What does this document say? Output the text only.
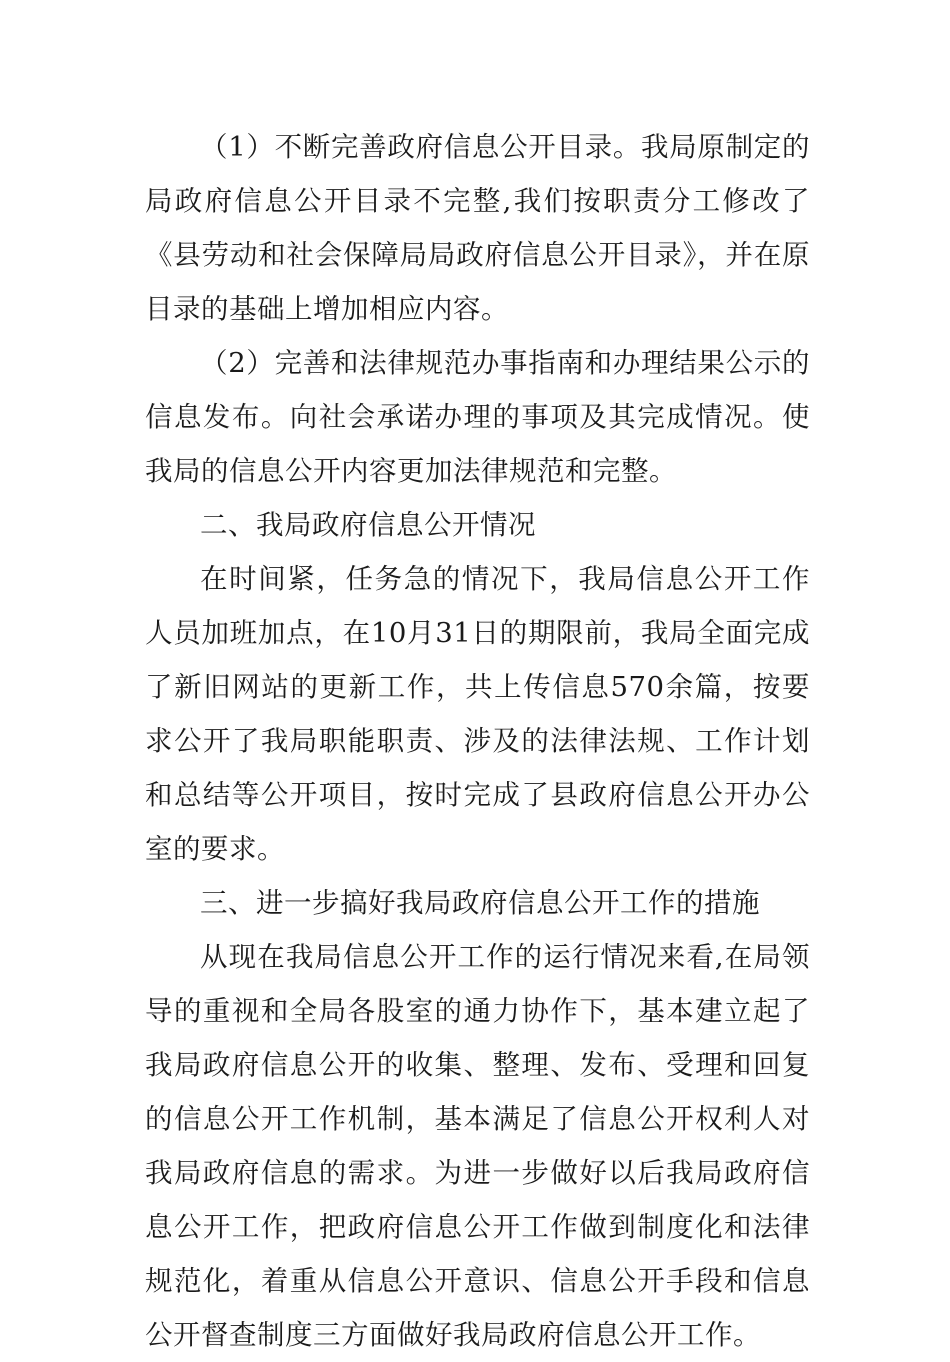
（1）不断完善政府信息公开目录。我局原制定的局政府信息公开目录不完整,我们按职责分工修改了《县劳动和社会保障局局政府信息公开目录》，并在原目录的基础上增加相应内容。

（2）完善和法律规范办事指南和办理结果公示的信息发布。向社会承诺办理的事项及其完成情况。使我局的信息公开内容更加法律规范和完整。

二、我局政府信息公开情况

在时间紧，任务急的情况下，我局信息公开工作人员加班加点，在10月31日的期限前，我局全面完成了新旧网站的更新工作，共上传信息570余篇，按要求公开了我局职能职责、涉及的法律法规、工作计划和总结等公开项目，按时完成了县政府信息公开办公室的要求。

三、进一步搞好我局政府信息公开工作的措施

从现在我局信息公开工作的运行情况来看,在局领导的重视和全局各股室的通力协作下，基本建立起了我局政府信息公开的收集、整理、发布、受理和回复的信息公开工作机制，基本满足了信息公开权利人对我局政府信息的需求。为进一步做好以后我局政府信息公开工作，把政府信息公开工作做到制度化和法律规范化，着重从信息公开意识、信息公开手段和信息公开督查制度三方面做好我局政府信息公开工作。
